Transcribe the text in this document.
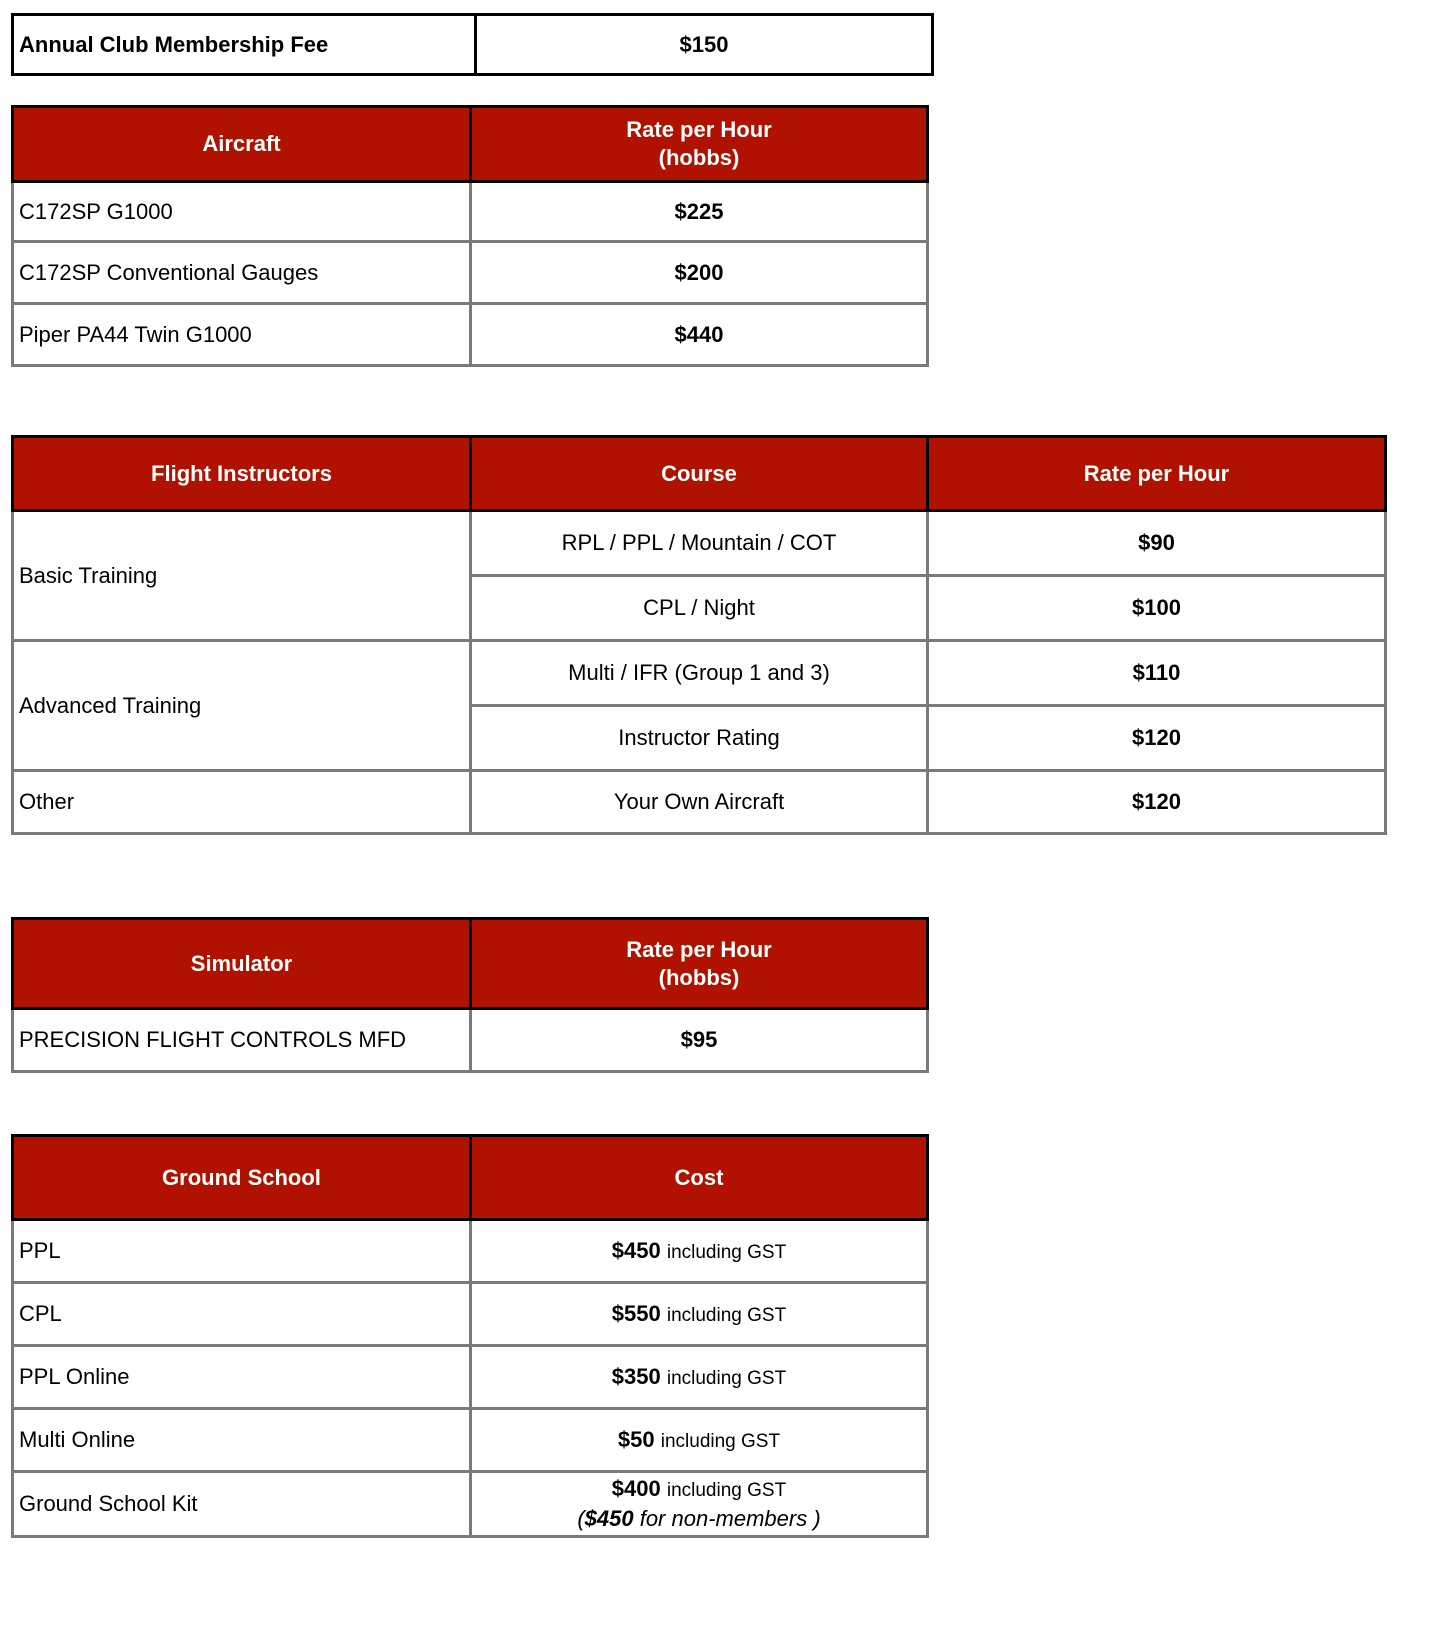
Annual Club Membership Fee	$150
Aircraft	Rate per Hour
(hobbs)

C172SP G1000	$225
C172SP Conventional Gauges	$200
Piper PA44 Twin G1000	$440
Flight Instructors	Course	Rate per Hour
Basic Training	RPL / PPL / Mountain / COT	$90
	CPL / Night	$100
Advanced Training	Multi / IFR (Group 1 and 3)	$110
	Instructor Rating	$120
Other	Your Own Aircraft	$120
Simulator	Rate per Hour
(hobbs)

PRECISION FLIGHT CONTROLS MFD	$95
Ground School	Cost
PPL	$450 including GST
CPL	$550 including GST
PPL Online	$350 including GST
Multi Online	$50 including GST
Ground School Kit	$400 including GST
($450 for non-members )
